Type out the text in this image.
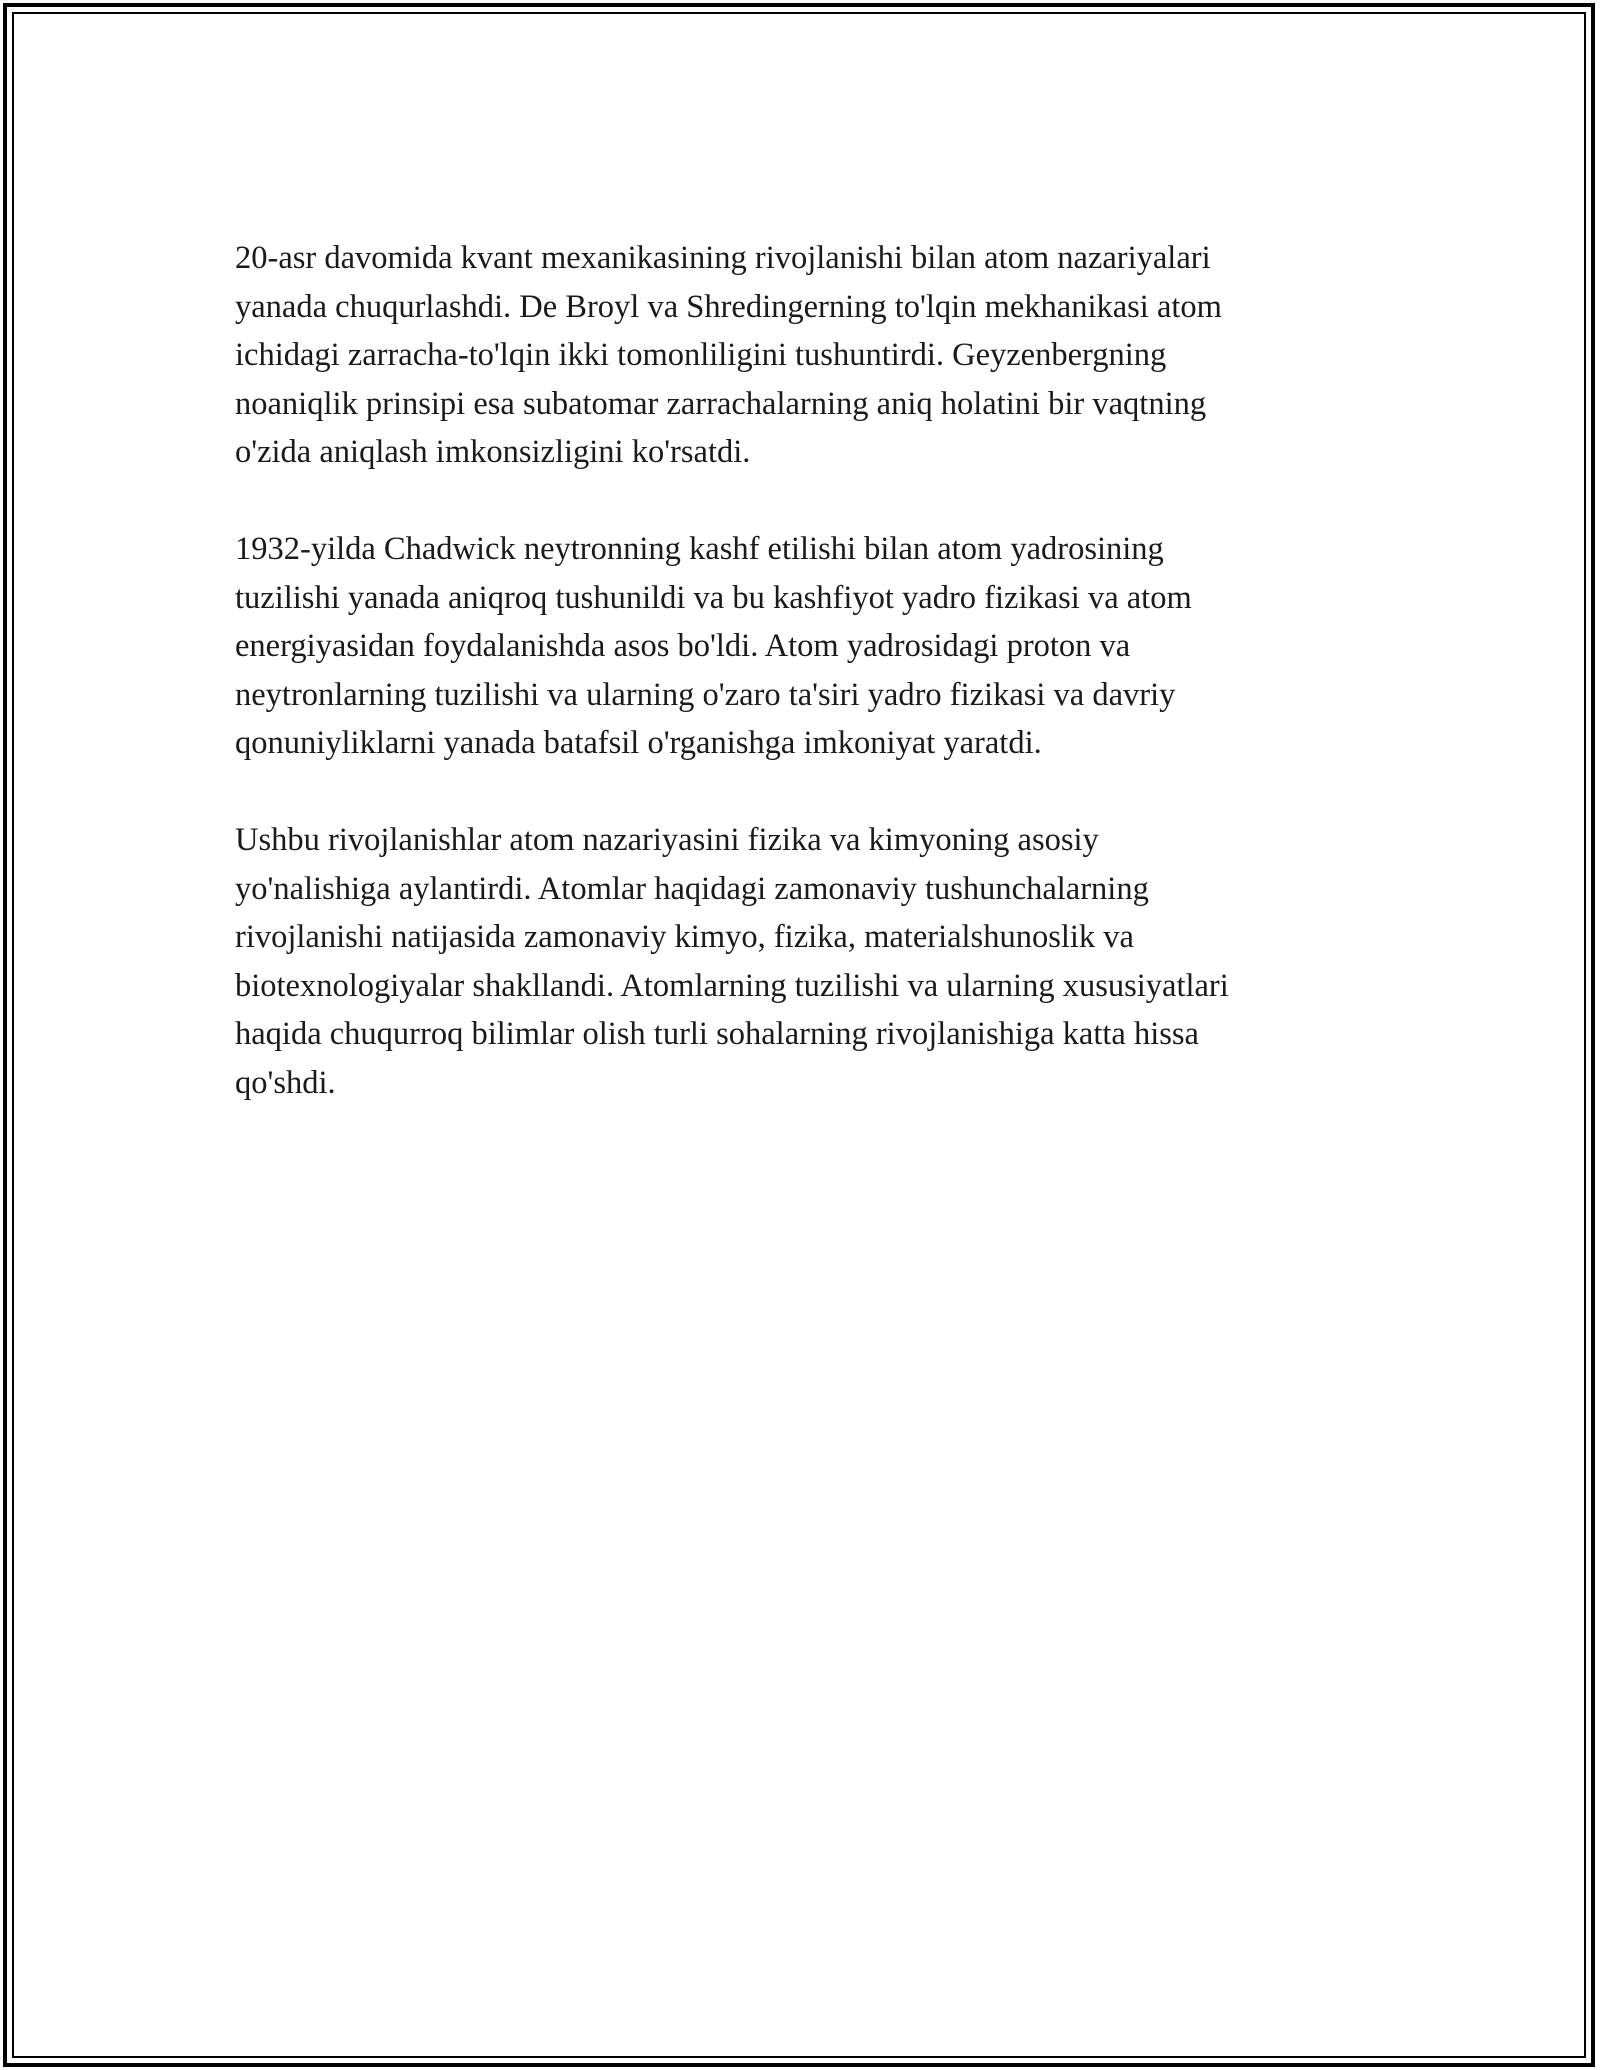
20-asr davomida kvant mexanikasining rivojlanishi bilan atom nazariyalari
yanada chuqurlashdi. De Broyl va Shredingerning to'lqin mekhanikasi atom
ichidagi zarracha-to'lqin ikki tomonliligini tushuntirdi. Geyzenbergning
noaniqlik prinsipi esa subatomar zarrachalarning aniq holatini bir vaqtning
o'zida aniqlash imkonsizligini ko'rsatdi.

1932-yilda Chadwick neytronning kashf etilishi bilan atom yadrosining
tuzilishi yanada aniqroq tushunildi va bu kashfiyot yadro fizikasi va atom
energiyasidan foydalanishda asos bo'ldi. Atom yadrosidagi proton va
neytronlarning tuzilishi va ularning o'zaro ta'siri yadro fizikasi va davriy
qonuniyliklarni yanada batafsil o'rganishga imkoniyat yaratdi.

Ushbu rivojlanishlar atom nazariyasini fizika va kimyoning asosiy
yo'nalishiga aylantirdi. Atomlar haqidagi zamonaviy tushunchalarning
rivojlanishi natijasida zamonaviy kimyo, fizika, materialshunoslik va
biotexnologiyalar shakllandi. Atomlarning tuzilishi va ularning xususiyatlari
haqida chuqurroq bilimlar olish turli sohalarning rivojlanishiga katta hissa
qo'shdi.
